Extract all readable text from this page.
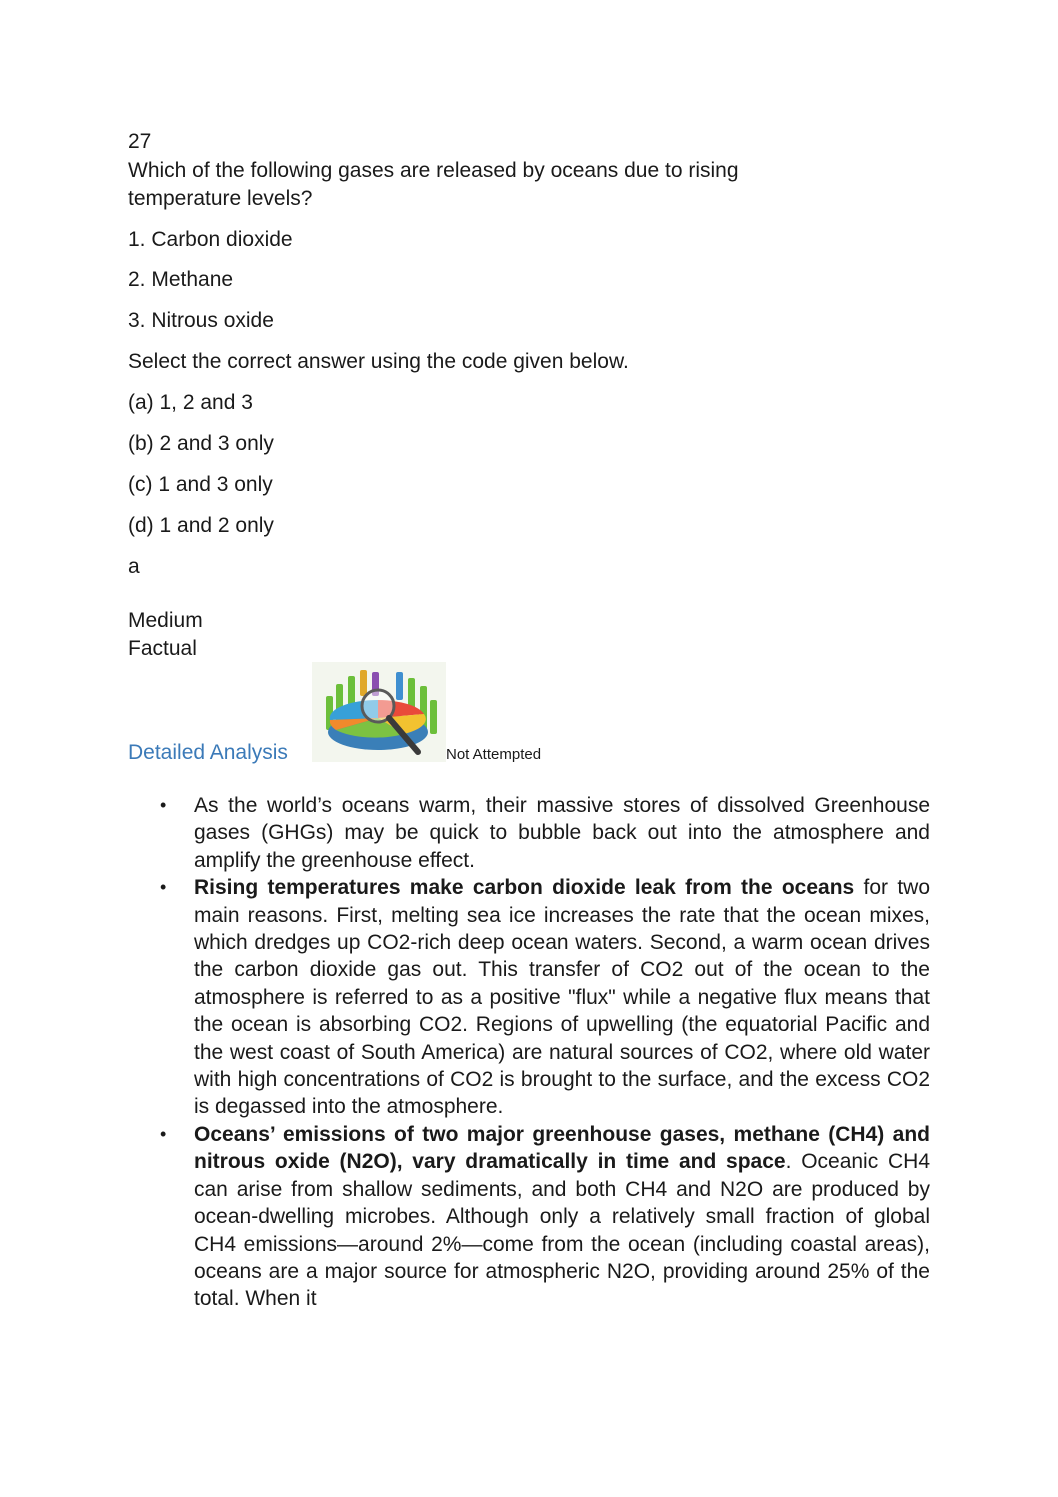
27
Which of the following gases are released by oceans due to rising
temperature levels?
1. Carbon dioxide
2. Methane
3. Nitrous oxide
Select the correct answer using the code given below.
(a) 1, 2 and 3
(b) 2 and 3 only
(c) 1 and 3 only
(d) 1 and 2 only
a
Medium
Factual
Detailed Analysis	Not Attempted
• As the world’s oceans warm, their massive stores of dissolved Greenhouse gases (GHGs) may be quick to bubble back out into the atmosphere and amplify the greenhouse effect.
• Rising temperatures make carbon dioxide leak from the oceans for two main reasons. First, melting sea ice increases the rate that the ocean mixes, which dredges up CO2-rich deep ocean waters. Second, a warm ocean drives the carbon dioxide gas out. This transfer of CO2 out of the ocean to the atmosphere is referred to as a positive "flux" while a negative flux means that the ocean is absorbing CO2. Regions of upwelling (the equatorial Pacific and the west coast of South America) are natural sources of CO2, where old water with high concentrations of CO2 is brought to the surface, and the excess CO2 is degassed into the atmosphere.
• Oceans’ emissions of two major greenhouse gases, methane (CH4) and nitrous oxide (N2O), vary dramatically in time and space. Oceanic CH4 can arise from shallow sediments, and both CH4 and N2O are produced by ocean-dwelling microbes. Although only a relatively small fraction of global CH4 emissions—around 2%—come from the ocean (including coastal areas), oceans are a major source for atmospheric N2O, providing around 25% of the total. When it
